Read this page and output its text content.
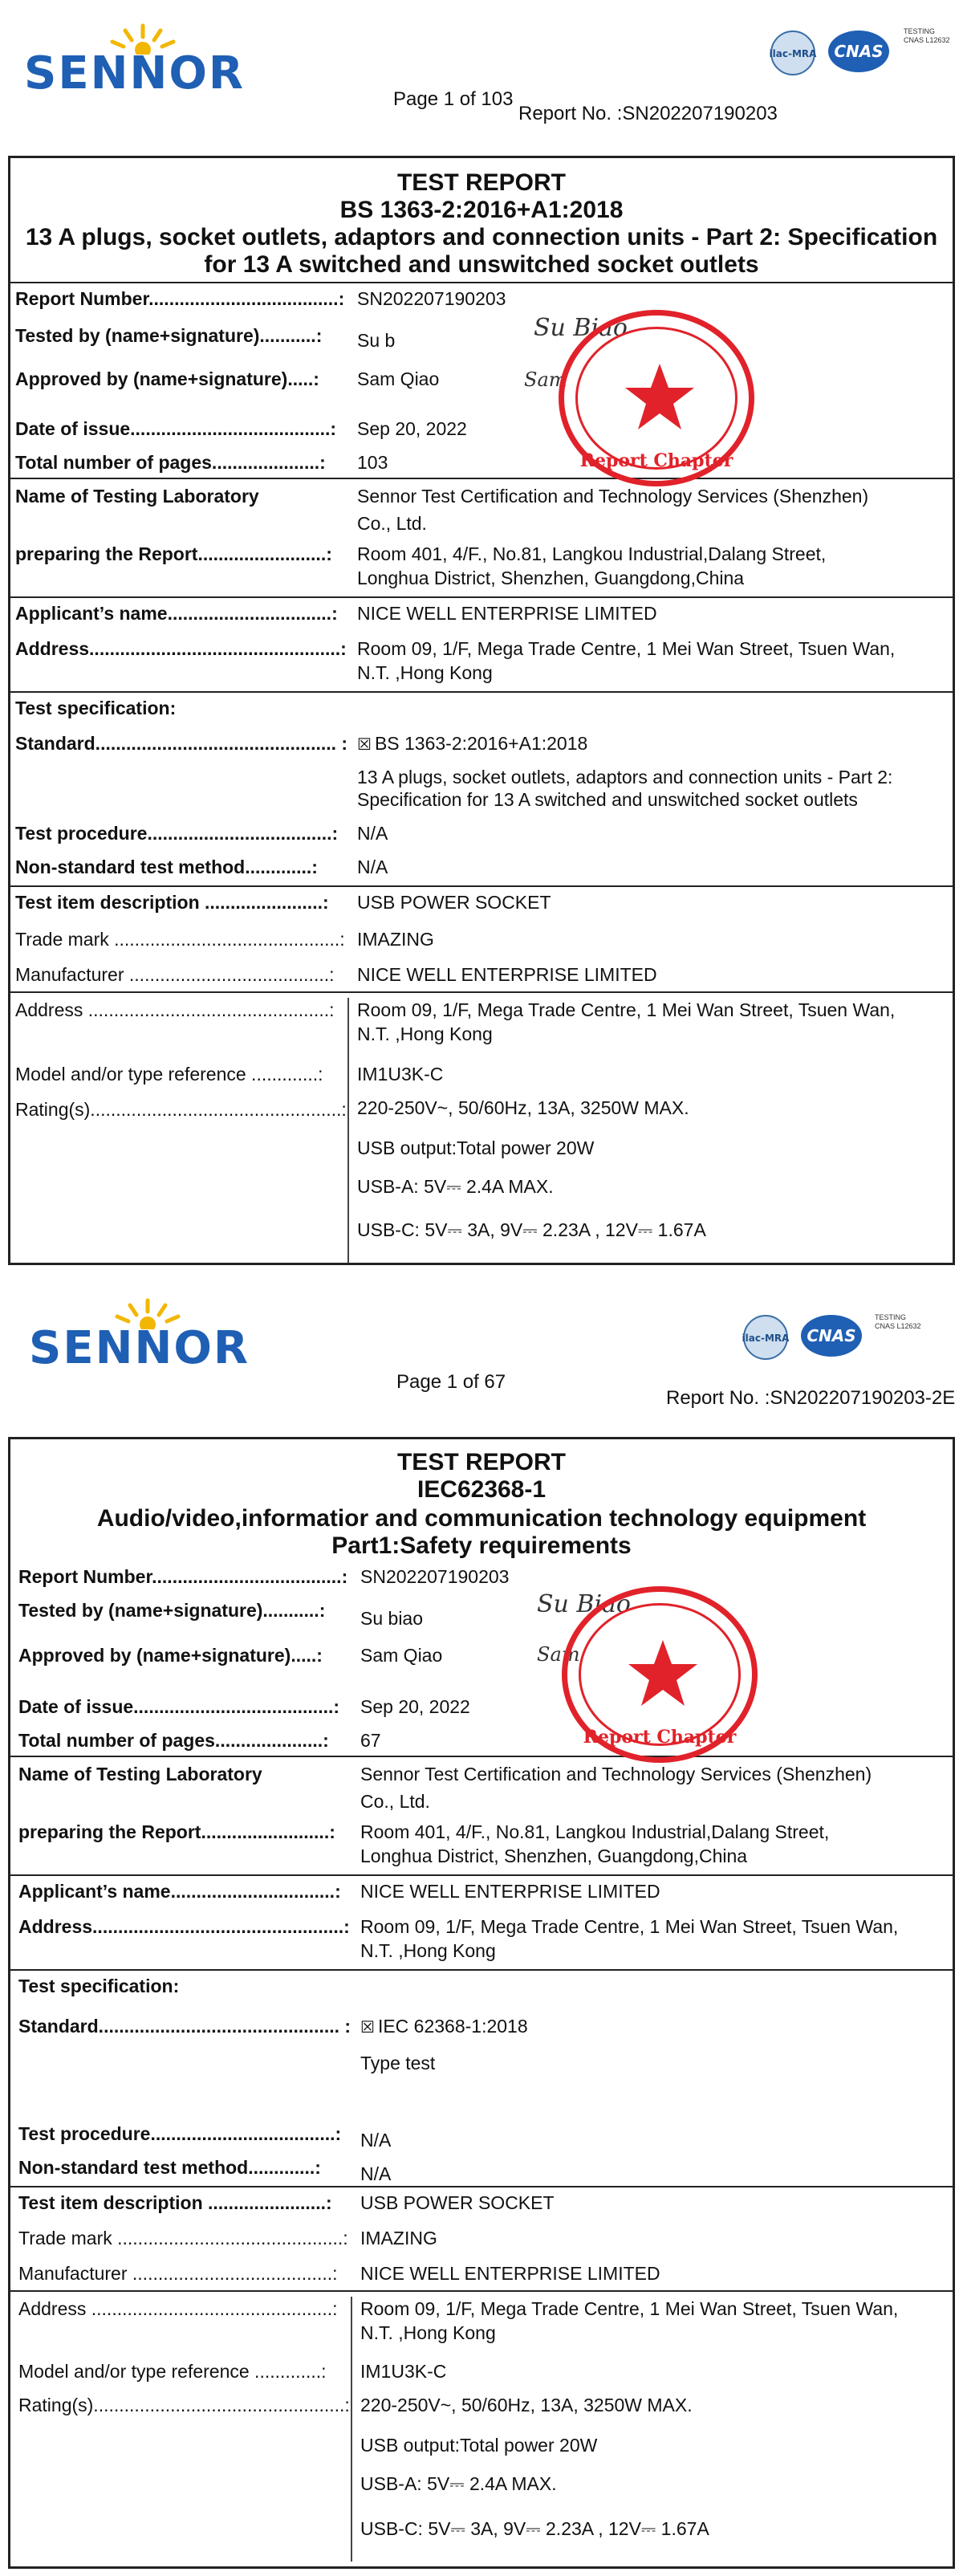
SENNOR	ilac-MRA CNAS
TESTING
CNAS L12632
Page 1 of 103
Report No. :SN202207190203
TEST REPORT
BS 1363-2:2016+A1:2018
13 A plugs, socket outlets, adaptors and connection units - Part 2: Specification
for 13 A switched and unswitched socket outlets
Report Number.....................................: SN202207190203
Tested by (name+signature)...........: Su b	Su Biao
Approved by (name+signature).....: Sam Qiao	Sam
Date of issue.......................................: Sep 20, 2022
Total number of pages.....................: 103
Name of Testing Laboratory	Sennor Test Certification and Technology Services (Shenzhen)
Co., Ltd.
preparing the Report.........................: Room 401, 4/F., No.81, Langkou Industrial,Dalang Street,
Longhua District, Shenzhen, Guangdong,China
Applicant’s name................................: NICE WELL ENTERPRISE LIMITED
Address.................................................: Room 09, 1/F, Mega Trade Centre, 1 Mei Wan Street, Tsuen Wan,
N.T. ,Hong Kong
Test specification:
Standard............................................... : ☒ BS 1363-2:2016+A1:2018
13 A plugs, socket outlets, adaptors and connection units - Part 2:
Specification for 13 A switched and unswitched socket outlets
Test procedure....................................: N/A
Non-standard test method.............: N/A
Test item description .......................: USB POWER SOCKET
Trade mark ............................................: IMAZING
Manufacturer .......................................: NICE WELL ENTERPRISE LIMITED
Address ...............................................: Room 09, 1/F, Mega Trade Centre, 1 Mei Wan Street, Tsuen Wan,
N.T. ,Hong Kong
Model and/or type reference .............: IM1U3K-C
Rating(s).................................................: 220-250V~, 50/60Hz, 13A, 3250W MAX.
USB output:Total power 20W
USB-A: 5V⎓ 2.4A MAX.
USB-C: 5V⎓ 3A, 9V⎓ 2.23A , 12V⎓ 1.67A
Report Chapter
SENNOR	ilac-MRA CNAS
TESTING
CNAS L12632
Page 1 of 67
Report No. :SN202207190203-2E
TEST REPORT
IEC62368-1
Audio/video,informatior and communication technology equipment
Part1:Safety requirements
Report Number.....................................: SN202207190203
Tested by (name+signature)...........: Su biao	Su Biao
Approved by (name+signature).....: Sam Qiao	Sam
Date of issue.......................................: Sep 20, 2022
Total number of pages.....................: 67
Name of Testing Laboratory	Sennor Test Certification and Technology Services (Shenzhen)
Co., Ltd.
preparing the Report.........................: Room 401, 4/F., No.81, Langkou Industrial,Dalang Street,
Longhua District, Shenzhen, Guangdong,China
Applicant’s name................................: NICE WELL ENTERPRISE LIMITED
Address.................................................: Room 09, 1/F, Mega Trade Centre, 1 Mei Wan Street, Tsuen Wan,
N.T. ,Hong Kong
Test specification:
Standard............................................... : ☒ IEC 62368-1:2018
Type test
Test procedure....................................: N/A
Non-standard test method.............: N/A
Test item description .......................: USB POWER SOCKET
Trade mark ............................................: IMAZING
Manufacturer .......................................: NICE WELL ENTERPRISE LIMITED
Address ...............................................: Room 09, 1/F, Mega Trade Centre, 1 Mei Wan Street, Tsuen Wan,
N.T. ,Hong Kong
Model and/or type reference .............: IM1U3K-C
Rating(s).................................................: 220-250V~, 50/60Hz, 13A, 3250W MAX.
USB output:Total power 20W
USB-A: 5V⎓ 2.4A MAX.
USB-C: 5V⎓ 3A, 9V⎓ 2.23A , 12V⎓ 1.67A
Report Chapter
